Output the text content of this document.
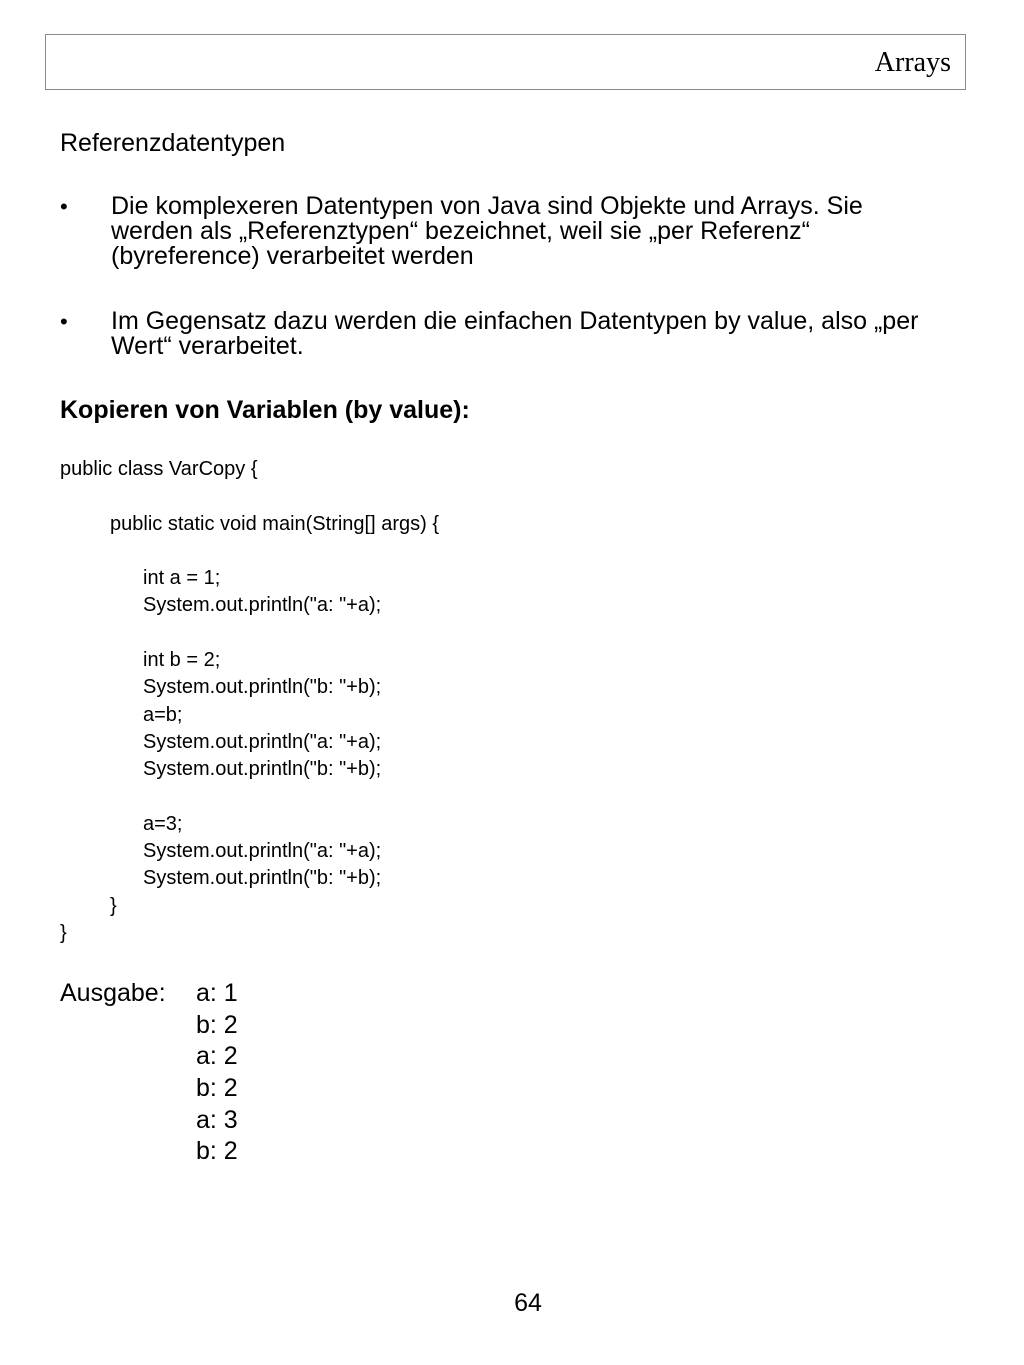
Arrays
Referenzdatentypen
• Die komplexeren Datentypen von Java sind Objekte und Arrays. Sie werden als „Referenztypen“ bezeichnet, weil sie „per Referenz“ (byreference) verarbeitet werden
• Im Gegensatz dazu werden die einfachen Datentypen by value, also „per Wert“ verarbeitet.
Kopieren von Variablen (by value):
public class VarCopy {
public static void main(String[] args) {
int a = 1;
System.out.println("a: "+a);
int b = 2;
System.out.println("b: "+b);
a=b;
System.out.println("a: "+a);
System.out.println("b: "+b);
a=3;
System.out.println("a: "+a);
System.out.println("b: "+b);
}
}
Ausgabe: a: 1
b: 2
a: 2
b: 2
a: 3
b: 2
64
